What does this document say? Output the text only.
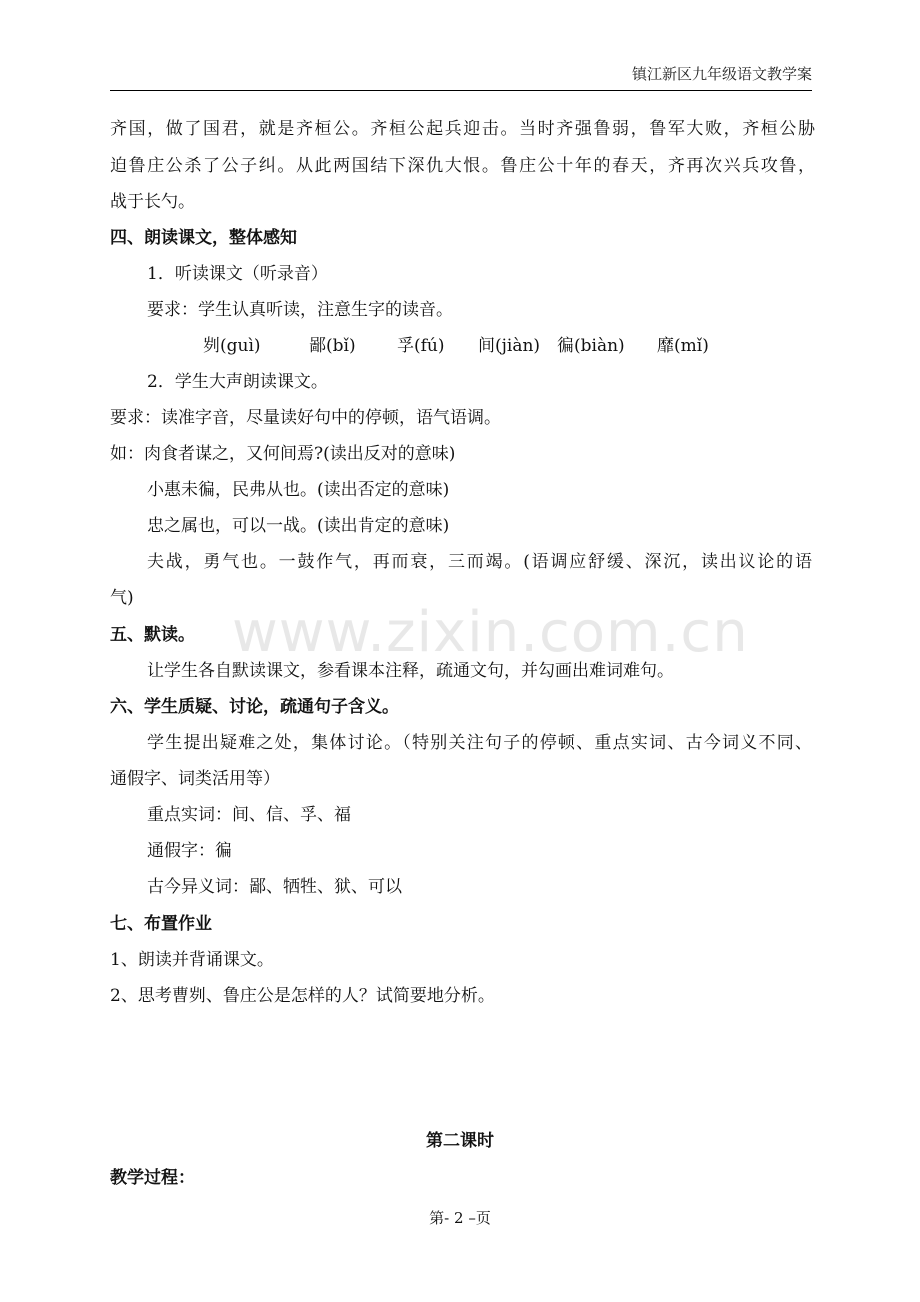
镇江新区九年级语文教学案
www.zixin.com.cn
齐国，做了国君，就是齐桓公。齐桓公起兵迎击。当时齐强鲁弱，鲁军大败，齐桓公胁
迫鲁庄公杀了公子纠。从此两国结下深仇大恨。鲁庄公十年的春天，齐再次兴兵攻鲁，
战于长勺。
四、朗读课文，整体感知
1．听读课文（听录音）
要求：学生认真听读，注意生字的读音。
刿(guì)	鄙(bǐ) 孚(fú) 间(jiàn) 徧(biàn) 靡(mǐ)
2．学生大声朗读课文。
要求：读准字音，尽量读好句中的停顿，语气语调。
如：肉食者谋之，又何间焉?(读出反对的意味)
小惠未徧，民弗从也。(读出否定的意味)
忠之属也，可以一战。(读出肯定的意味)
夫战，勇气也。一鼓作气，再而衰，三而竭。(语调应舒缓、深沉，读出议论的语
气)
五、默读。
让学生各自默读课文，参看课本注释，疏通文句，并勾画出难词难句。
六、学生质疑、讨论，疏通句子含义。
学生提出疑难之处，集体讨论。（特别关注句子的停顿、重点实词、古今词义不同、
通假字、词类活用等）
重点实词：间、信、孚、福
通假字：徧
古今异义词：鄙、牺牲、狱、可以
七、布置作业
1、朗读并背诵课文。
2、思考曹刿、鲁庄公是怎样的人？试简要地分析。
第二课时
教学过程：
第- 2 –页
